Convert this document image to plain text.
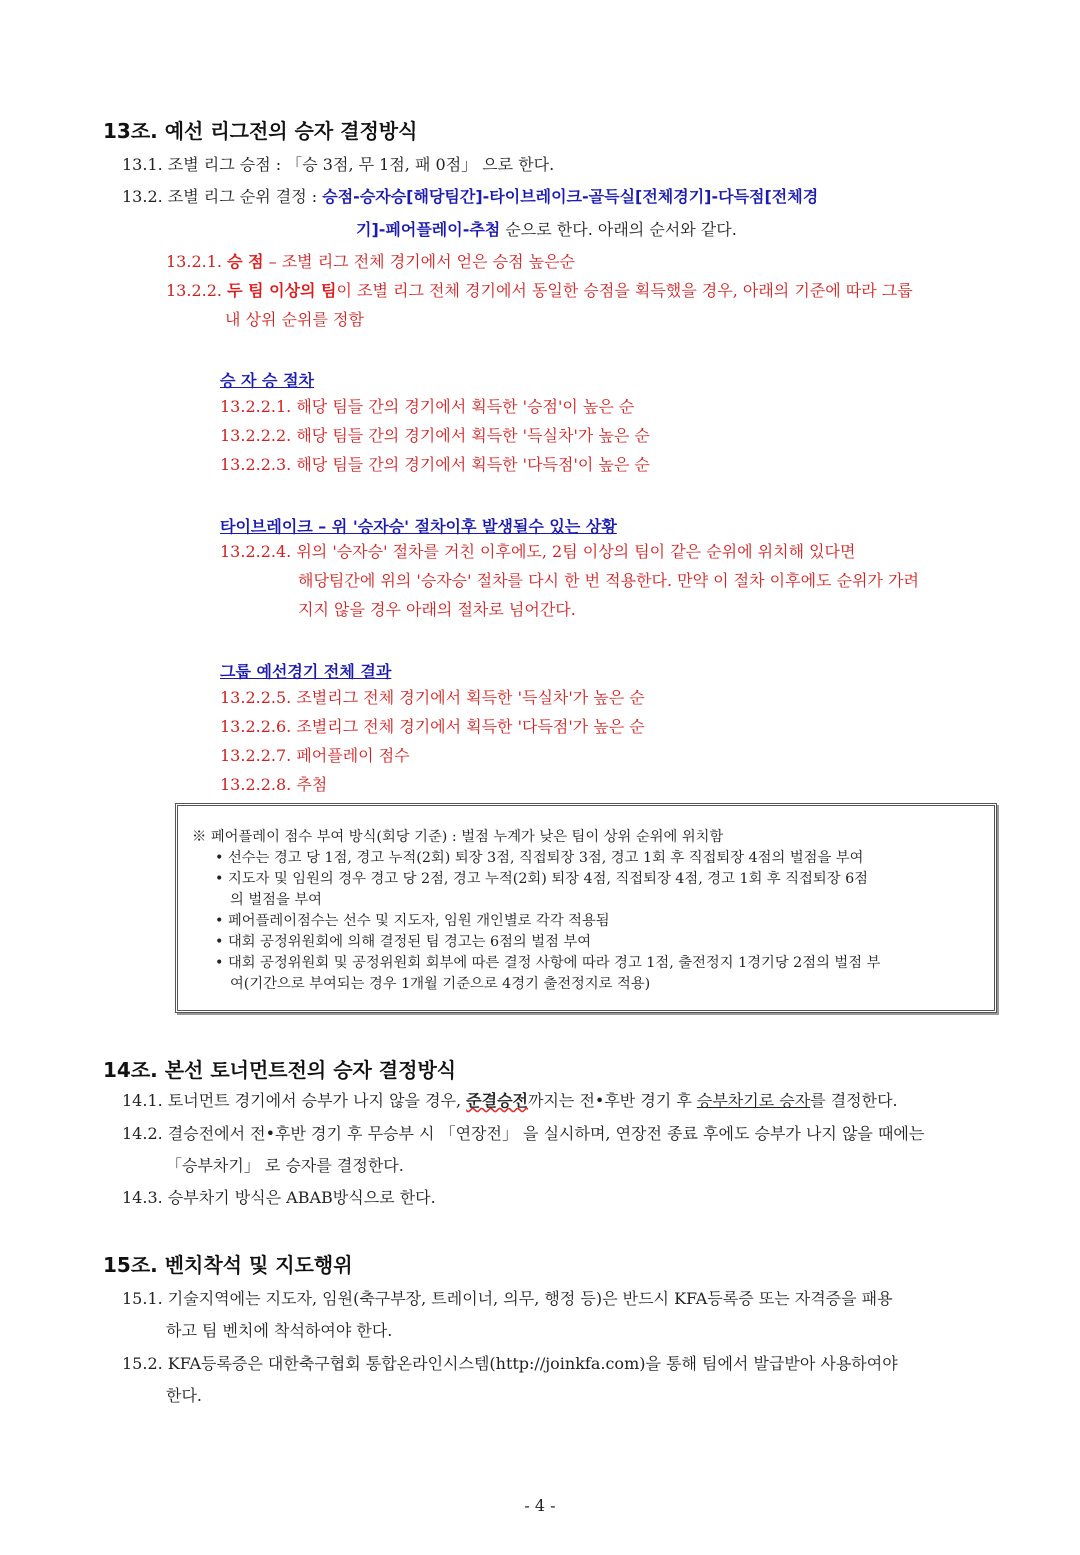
13조. 예선 리그전의 승자 결정방식
13.1. 조별 리그 승점 : 「승 3점, 무 1점, 패 0점」 으로 한다.
13.2. 조별 리그 순위 결정 : 승점-승자승[해당팀간]-타이브레이크-골득실[전체경기]-다득점[전체경
기]-페어플레이-추첨 순으로 한다. 아래의 순서와 같다.
13.2.1. 승 점 – 조별 리그 전체 경기에서 얻은 승점 높은순
13.2.2. 두 팀 이상의 팀이 조별 리그 전체 경기에서 동일한 승점을 획득했을 경우, 아래의 기준에 따라 그룹
내 상위 순위를 정함
승 자 승 절차
13.2.2.1. 해당 팀들 간의 경기에서 획득한 '승점'이 높은 순
13.2.2.2. 해당 팀들 간의 경기에서 획득한 '득실차'가 높은 순
13.2.2.3. 해당 팀들 간의 경기에서 획득한 '다득점'이 높은 순
타이브레이크 – 위 '승자승' 절차이후 발생될수 있는 상황
13.2.2.4. 위의 '승자승' 절차를 거친 이후에도, 2팀 이상의 팀이 같은 순위에 위치해 있다면
해당팀간에 위의 '승자승' 절차를 다시 한 번 적용한다. 만약 이 절차 이후에도 순위가 가려
지지 않을 경우 아래의 절차로 넘어간다.
그룹 예선경기 전체 결과
13.2.2.5. 조별리그 전체 경기에서 획득한 '득실차'가 높은 순
13.2.2.6. 조별리그 전체 경기에서 획득한 '다득점'가 높은 순
13.2.2.7. 페어플레이 점수
13.2.2.8. 추첨
※ 페어플레이 점수 부여 방식(회당 기준) : 벌점 누계가 낮은 팀이 상위 순위에 위치함
• 선수는 경고 당 1점, 경고 누적(2회) 퇴장 3점, 직접퇴장 3점, 경고 1회 후 직접퇴장 4점의 벌점을 부여
• 지도자 및 임원의 경우 경고 당 2점, 경고 누적(2회) 퇴장 4점, 직접퇴장 4점, 경고 1회 후 직접퇴장 6점
의 벌점을 부여
• 페어플레이점수는 선수 및 지도자, 임원 개인별로 각각 적용됨
• 대회 공정위원회에 의해 결정된 팀 경고는 6점의 벌점 부여
• 대회 공정위원회 및 공정위원회 회부에 따른 결정 사항에 따라 경고 1점, 출전정지 1경기당 2점의 벌점 부
여(기간으로 부여되는 경우 1개월 기준으로 4경기 출전정지로 적용)
14조. 본선 토너먼트전의 승자 결정방식
14.1. 토너먼트 경기에서 승부가 나지 않을 경우, 준결승전까지는 전•후반 경기 후 승부차기로 승자를 결정한다.
14.2. 결승전에서 전•후반 경기 후 무승부 시 「연장전」 을 실시하며, 연장전 종료 후에도 승부가 나지 않을 때에는
「승부차기」 로 승자를 결정한다.
14.3. 승부차기 방식은 ABAB방식으로 한다.
15조. 벤치착석 및 지도행위
15.1. 기술지역에는 지도자, 임원(축구부장, 트레이너, 의무, 행정 등)은 반드시 KFA등록증 또는 자격증을 패용
하고 팀 벤치에 착석하여야 한다.
15.2. KFA등록증은 대한축구협회 통합온라인시스템(http://joinkfa.com)을 통해 팀에서 발급받아 사용하여야
한다.
- 4 -
